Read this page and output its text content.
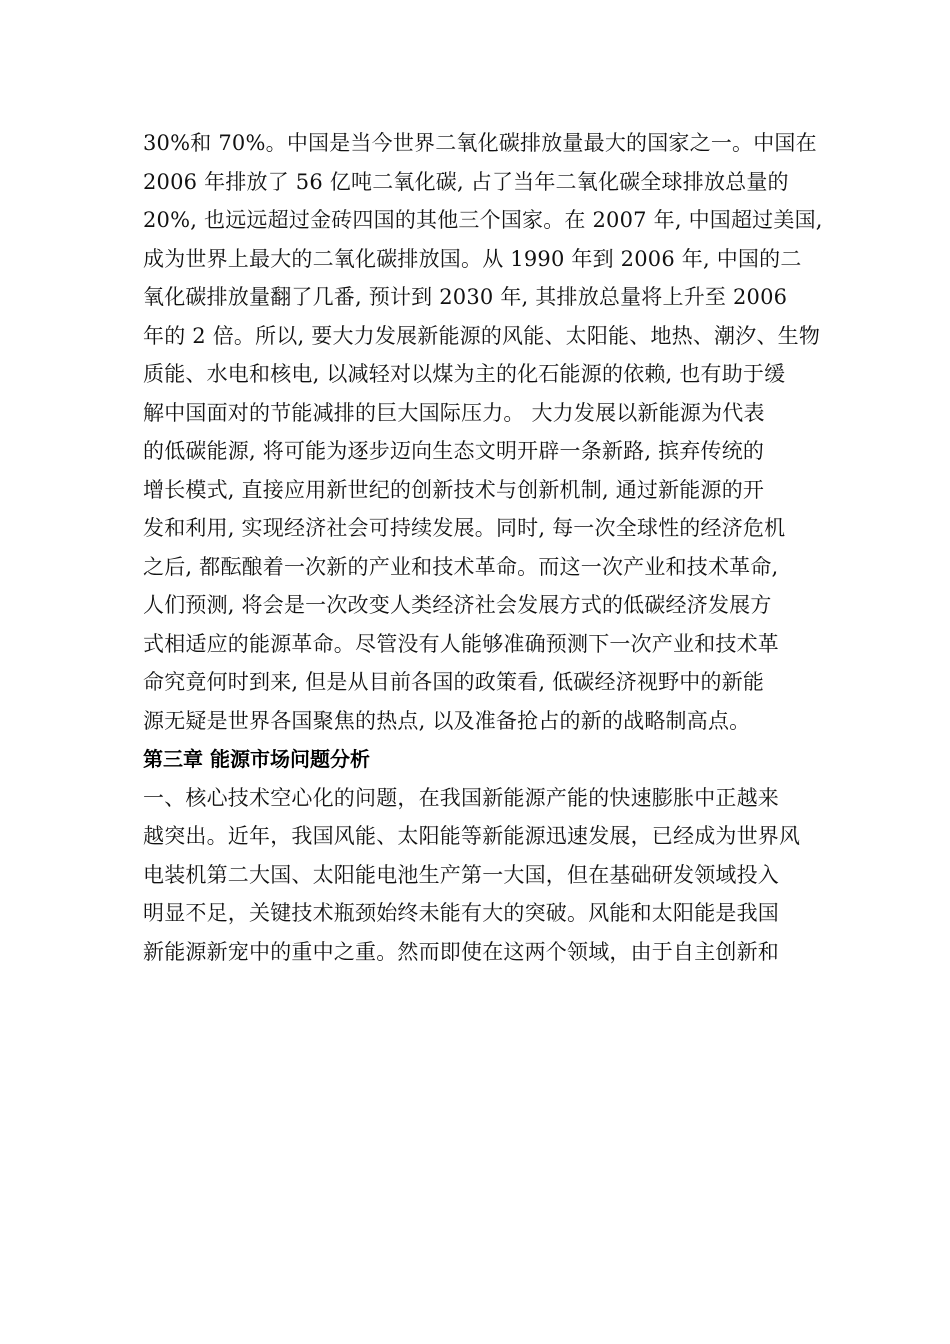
30%和 70%。中国是当今世界二氧化碳排放量最大的国家之一。中国在
2006 年排放了 56 亿吨二氧化碳, 占了当年二氧化碳全球排放总量的
20%, 也远远超过金砖四国的其他三个国家。在 2007 年, 中国超过美国,
成为世界上最大的二氧化碳排放国。从 1990 年到 2006 年, 中国的二
氧化碳排放量翻了几番, 预计到 2030 年, 其排放总量将上升至 2006
年的 2 倍。所以, 要大力发展新能源的风能、太阳能、地热、潮汐、生物
质能、水电和核电, 以减轻对以煤为主的化石能源的依赖, 也有助于缓
解中国面对的节能减排的巨大国际压力。 大力发展以新能源为代表
的低碳能源, 将可能为逐步迈向生态文明开辟一条新路, 摈弃传统的
增长模式, 直接应用新世纪的创新技术与创新机制, 通过新能源的开
发和利用, 实现经济社会可持续发展。同时, 每一次全球性的经济危机
之后, 都酝酿着一次新的产业和技术革命。而这一次产业和技术革命,
人们预测, 将会是一次改变人类经济社会发展方式的低碳经济发展方
式相适应的能源革命。尽管没有人能够准确预测下一次产业和技术革
命究竟何时到来, 但是从目前各国的政策看, 低碳经济视野中的新能
源无疑是世界各国聚焦的热点, 以及准备抢占的新的战略制高点。
第三章 能源市场问题分析
一、核心技术空心化的问题，在我国新能源产能的快速膨胀中正越来
越突出。近年，我国风能、太阳能等新能源迅速发展，已经成为世界风
电装机第二大国、太阳能电池生产第一大国，但在基础研发领域投入
明显不足，关键技术瓶颈始终未能有大的突破。风能和太阳能是我国
新能源新宠中的重中之重。然而即使在这两个领域，由于自主创新和
